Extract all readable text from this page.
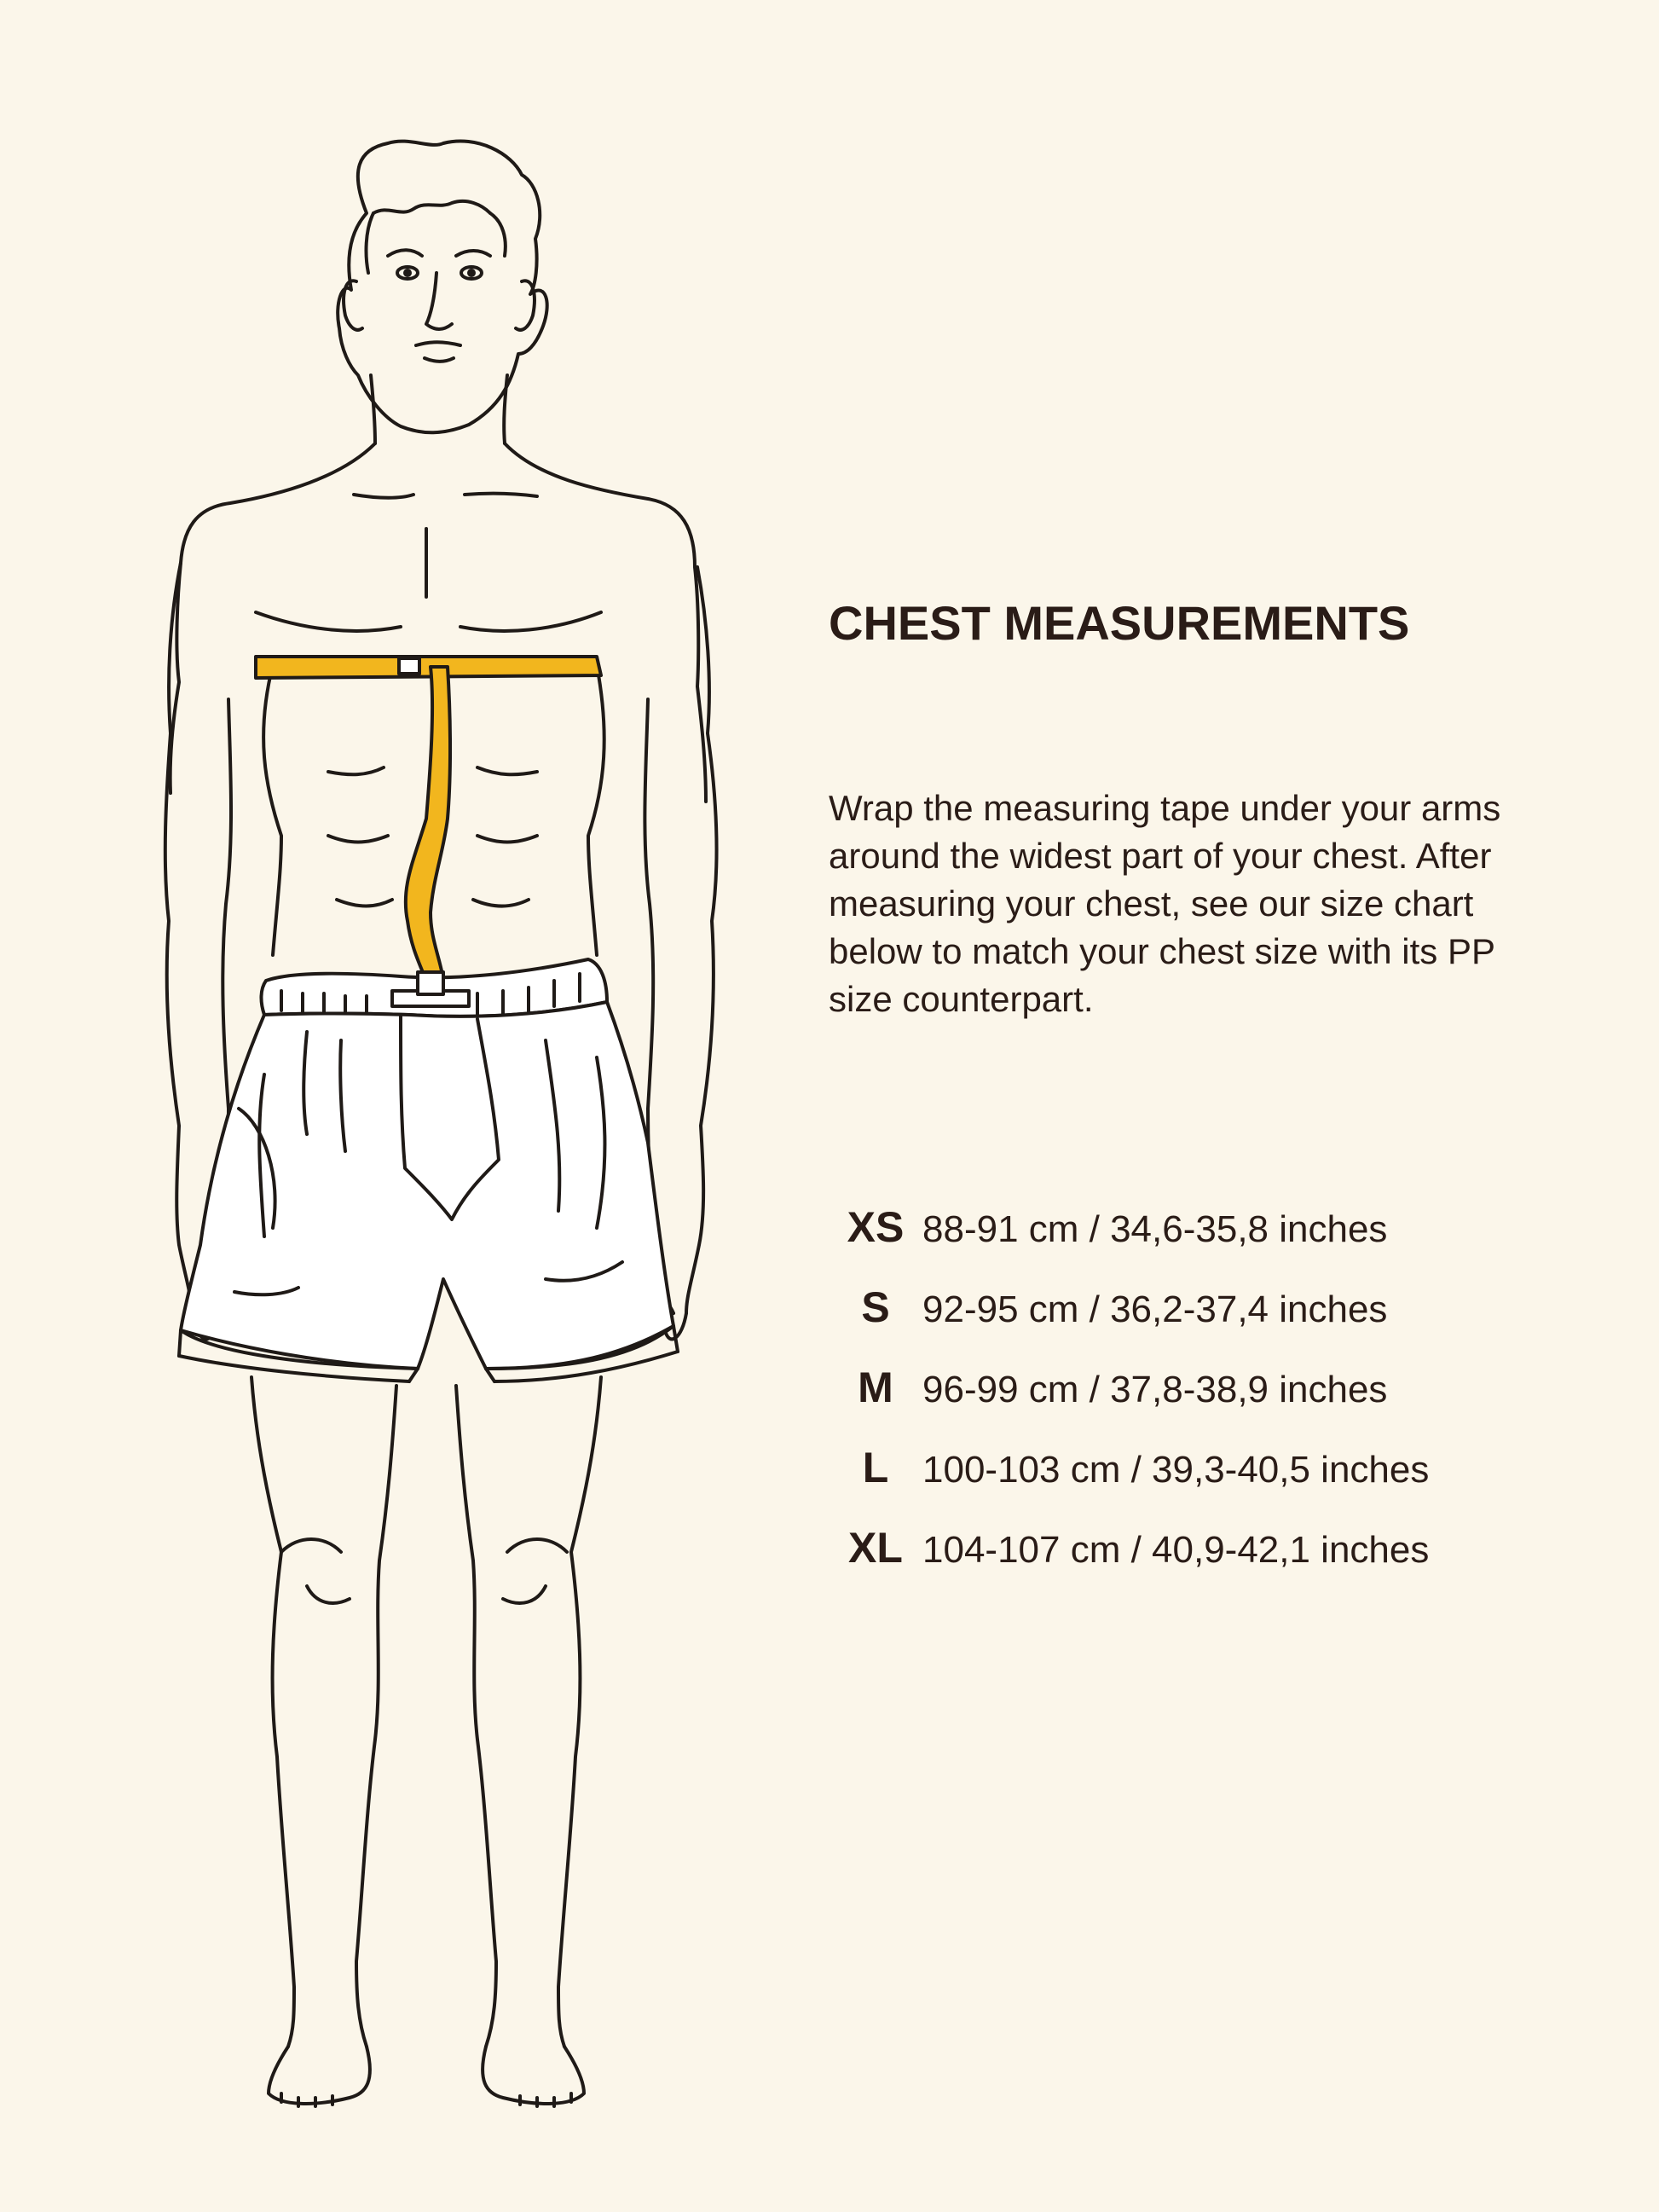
CHEST MEASUREMENTS
Wrap the measuring tape under your arms around the widest part of your chest. After measuring your chest, see our size chart below to match your chest size with its PP size counterpart.
XS 88-91 cm / 34,6-35,8 inches
S 92-95 cm / 36,2-37,4 inches
M 96-99 cm / 37,8-38,9 inches
L 100-103 cm / 39,3-40,5 inches
XL 104-107 cm / 40,9-42,1 inches
